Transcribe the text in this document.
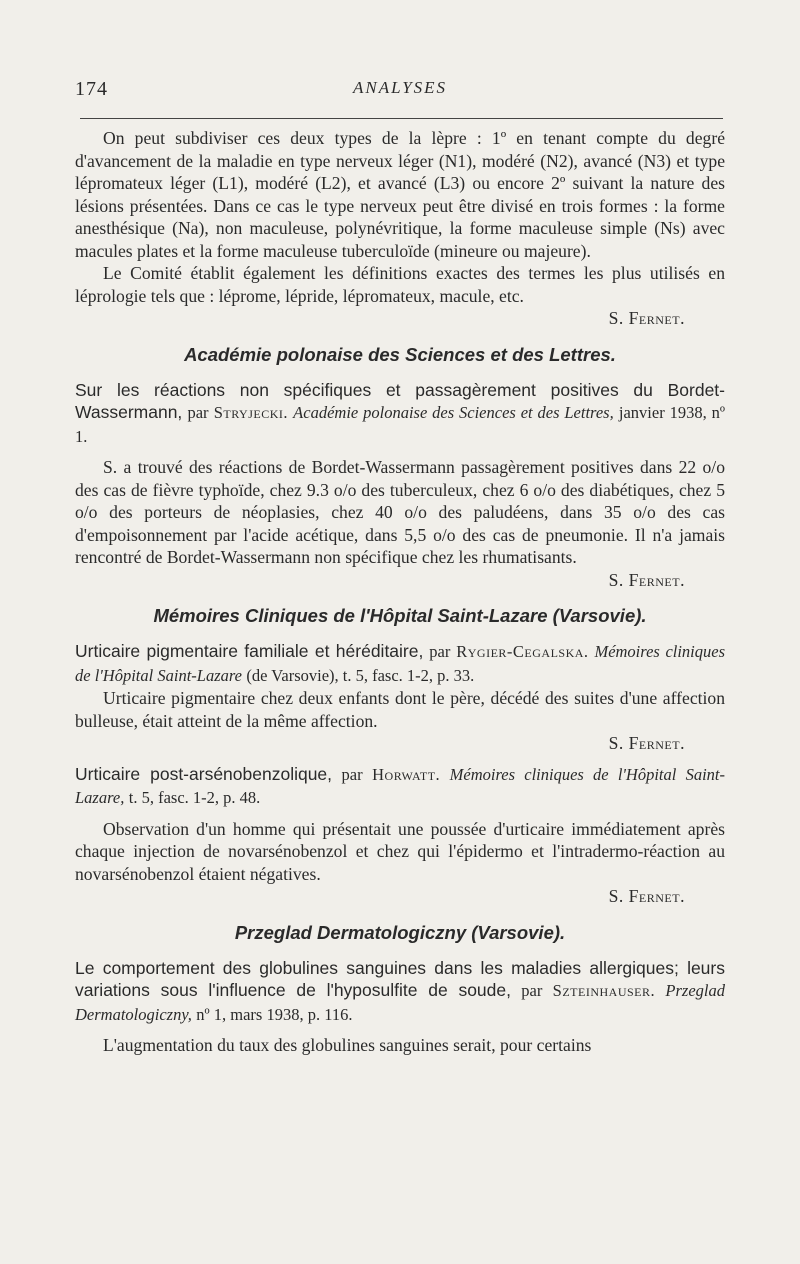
174	ANALYSES

On peut subdiviser ces deux types de la lèpre : 1º en tenant compte du degré d'avancement de la maladie en type nerveux léger (N1), modéré (N2), avancé (N3) et type lépromateux léger (L1), modéré (L2), et avancé (L3) ou encore 2º suivant la nature des lésions présentées. Dans ce cas le type nerveux peut être divisé en trois formes : la forme anesthésique (Na), non maculeuse, polynévritique, la forme maculeuse simple (Ns) avec macules plates et la forme maculeuse tuberculoïde (mineure ou majeure).

Le Comité établit également les définitions exactes des termes les plus utilisés en léprologie tels que : léprome, lépride, lépromateux, macule, etc.

S. Fernet.
Académie polonaise des Sciences et des Lettres.

Sur les réactions non spécifiques et passagèrement positives du Bordet-Wassermann, par Stryjecki. Académie polonaise des Sciences et des Lettres, janvier 1938, nº 1.

S. a trouvé des réactions de Bordet-Wassermann passagèrement positives dans 22 o/o des cas de fièvre typhoïde, chez 9.3 o/o des tuberculeux, chez 6 o/o des diabétiques, chez 5 o/o des porteurs de néoplasies, chez 40 o/o des paludéens, dans 35 o/o des cas d'empoisonnement par l'acide acétique, dans 5,5 o/o des cas de pneumonie. Il n'a jamais rencontré de Bordet-Wassermann non spécifique chez les rhumatisants.

S. Fernet.
Mémoires Cliniques de l'Hôpital Saint-Lazare (Varsovie).

Urticaire pigmentaire familiale et héréditaire, par Rygier-Cegalska. Mémoires cliniques de l'Hôpital Saint-Lazare (de Varsovie), t. 5, fasc. 1-2, p. 33.

Urticaire pigmentaire chez deux enfants dont le père, décédé des suites d'une affection bulleuse, était atteint de la même affection.

S. Fernet.

Urticaire post-arsénobenzolique, par Horwatt. Mémoires cliniques de l'Hôpital Saint-Lazare, t. 5, fasc. 1-2, p. 48.

Observation d'un homme qui présentait une poussée d'urticaire immédiatement après chaque injection de novarsénobenzol et chez qui l'épidermo et l'intradermo-réaction au novarsénobenzol étaient négatives.

S. Fernet.
Przeglad Dermatologiczny (Varsovie).

Le comportement des globulines sanguines dans les maladies allergiques; leurs variations sous l'influence de l'hyposulfite de soude, par Szteinhauser. Przeglad Dermatologiczny, nº 1, mars 1938, p. 116.

L'augmentation du taux des globulines sanguines serait, pour certains
